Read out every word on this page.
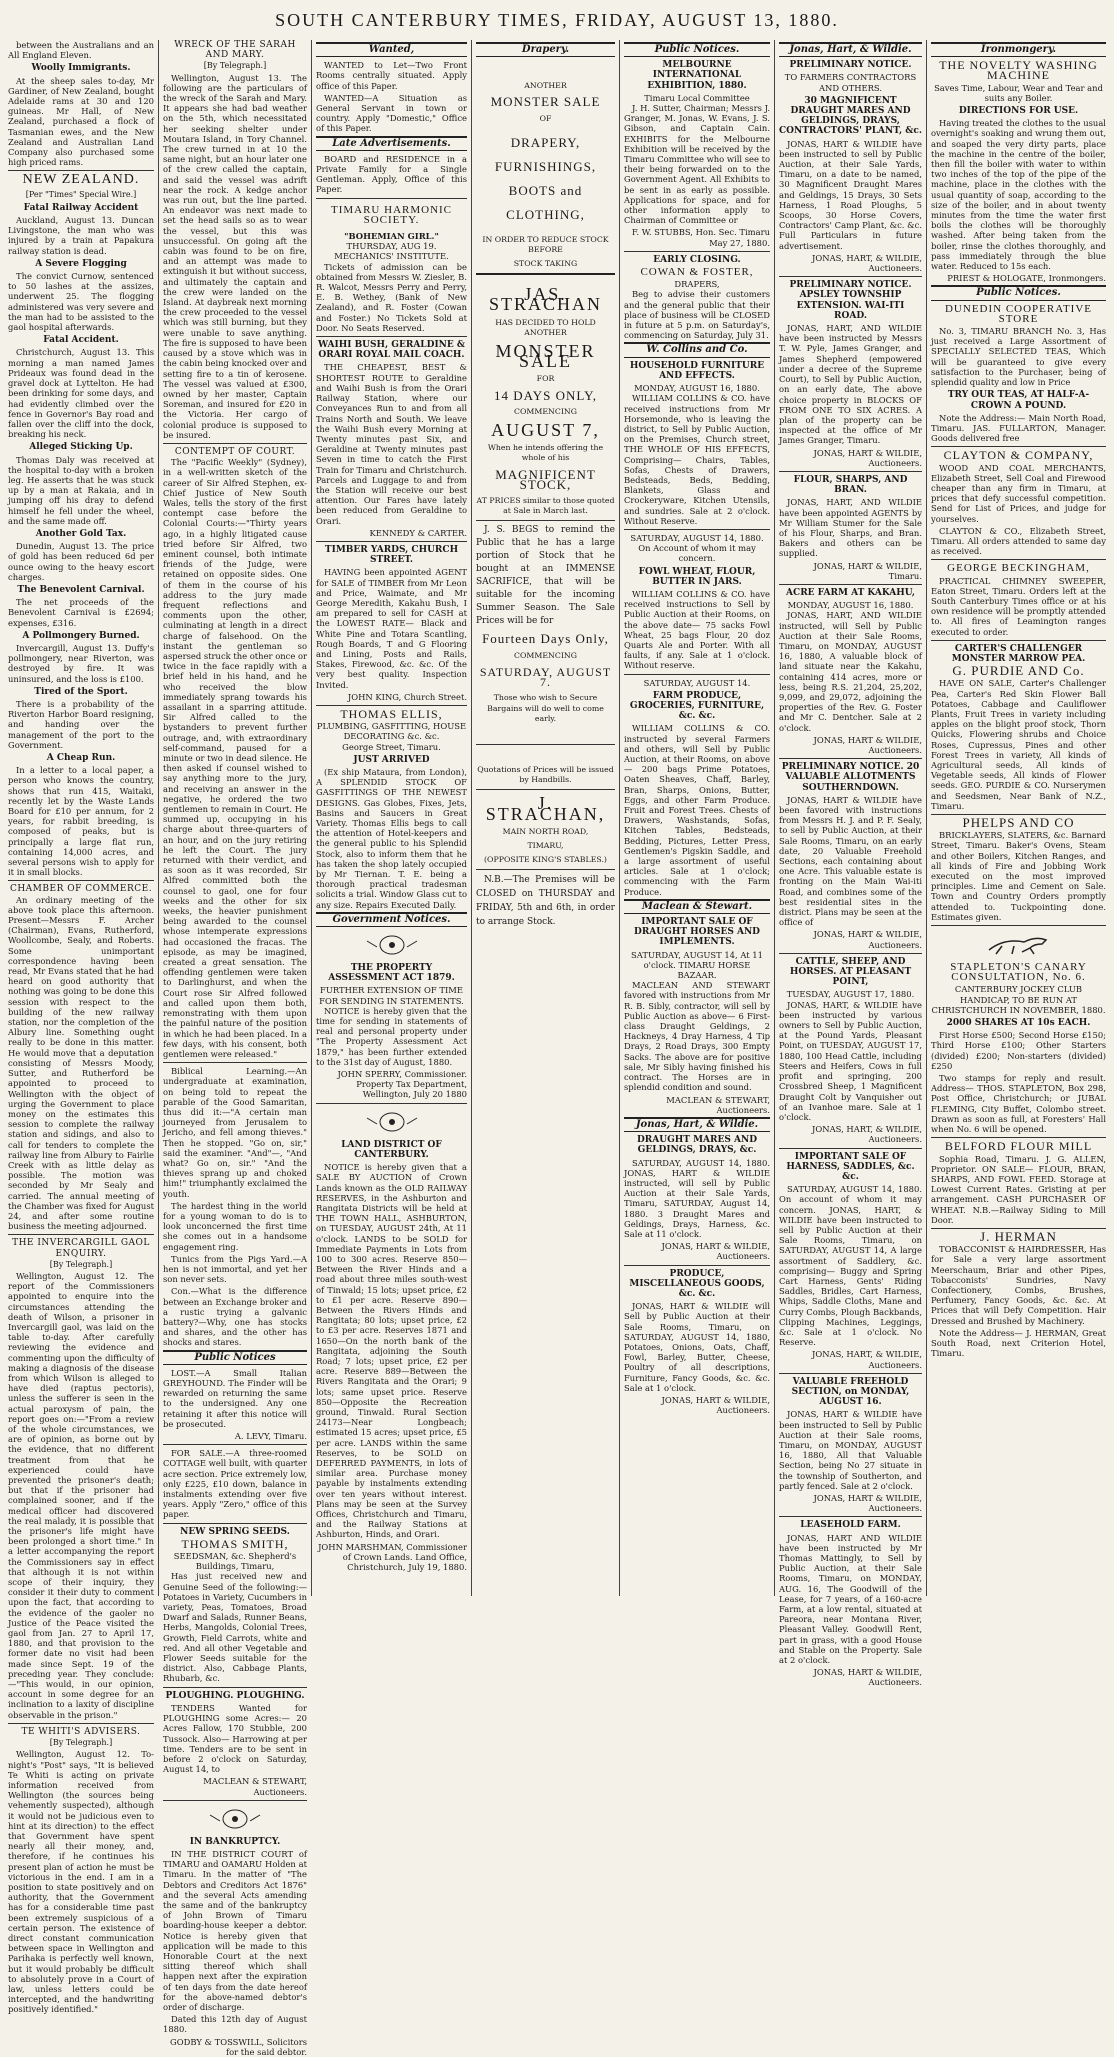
SOUTH CANTERBURY TIMES, FRIDAY, AUGUST 13, 1880.
between the Australians and an All England Eleven.
Woolly Immigrants.
At the sheep sales to-day, Mr Gardiner, of New Zealand, bought Adelaide rams at 30 and 120 guineas. Mr Hall, of New Zealand, purchased a flock of Tasmanian ewes, and the New Zealand and Australian Land Company also purchased some high priced rams.
NEW ZEALAND.
[Per "Times" Special Wire.]
Fatal Railway Accident
Auckland, August 13. Duncan Livingstone, the man who was injured by a train at Papakura railway station is dead.
A Severe Flogging
The convict Curnow, sentenced to 50 lashes at the assizes, underwent 25. The flogging administered was very severe and the man had to be assisted to the gaol hospital afterwards.
Fatal Accident.
Christchurch, August 13. This morning a man named James Prideaux was found dead in the gravel dock at Lyttelton. He had been drinking for some days, and had evidently climbed over the fence in Governor's Bay road and fallen over the cliff into the dock, breaking his neck.
Alleged Sticking Up.
Thomas Daly was received at the hospital to-day with a broken leg. He asserts that he was stuck up by a man at Rakaia, and in jumping off his dray to defend himself he fell under the wheel, and the same made off.
Another Gold Tax.
Dunedin, August 13. The price of gold has been reduced 6d per ounce owing to the heavy escort charges.
The Benevolent Carnival.
The net proceeds of the Benevolent Carnival is £2694; expenses, £316.
A Pollmongery Burned.
Invercargill, August 13. Duffy's pollmongery, near Riverton, was destroyed by fire. It was uninsured, and the loss is £100.
Tired of the Sport.
There is a probability of the Riverton Harbor Board resigning, and handing over the management of the port to the Government.
A Cheap Run.
In a letter to a local paper, a person who knows the country, shows that run 415, Waitaki, recently let by the Waste Lands Board for £10 per annum, for 2 years, for rabbit breeding, is composed of peaks, but is principally a large flat run, containing 14,000 acres, and several persons wish to apply for it in small blocks.
CHAMBER OF COMMERCE.
An ordinary meeting of the above took place this afternoon. Present—Messrs F. Archer (Chairman), Evans, Rutherford, Woollcombe, Sealy, and Roberts. Some unimportant correspondence having been read, Mr Evans stated that he had heard on good authority that nothing was going to be done this session with respect to the building of the new railway station, nor the completion of the Albury line. Something ought really to be done in this matter. He would move that a deputation consisting of Messrs Moody, Sutter, and Rutherford be appointed to proceed to Wellington with the object of urging the Government to place money on the estimates this session to complete the railway station and sidings, and also to call for tenders to complete the railway line from Albury to Fairlie Creek with as little delay as possible. The motion was seconded by Mr Sealy and carried. The annual meeting of the Chamber was fixed for August 24, and after some routine business the meeting adjourned.
THE INVERCARGILL GAOL ENQUIRY.
[By Telegraph.]
Wellington, August 12. The report of the Commissioners appointed to enquire into the circumstances attending the death of Wilson, a prisoner in Invercargill gaol, was laid on the table to-day. After carefully reviewing the evidence and commenting upon the difficulty of making a diagnosis of the disease from which Wilson is alleged to have died (raptus pectoris), unless the sufferer is seen in the actual paroxysm of pain, the report goes on:—"From a review of the whole circumstances, we are of opinion, as borne out by the evidence, that no different treatment from that he experienced could have prevented the prisoner's death; but that if the prisoner had complained sooner, and if the medical officer had discovered the real malady, it is possible that the prisoner's life might have been prolonged a short time." In a letter accompanying the report the Commissioners say in effect that although it is not within scope of their inquiry, they consider it their duty to comment upon the fact, that according to the evidence of the gaoler no Justice of the Peace visited the gaol from Jan. 27 to April 17, 1880, and that provision to the former date no visit had been made since Sept. 19 of the preceding year. They conclude:—"This would, in our opinion, account in some degree for an inclination to a laxity of discipline observable in the prison."
TE WHITI'S ADVISERS.
[By Telegraph.]
Wellington, August 12. To-night's "Post" says, "It is believed Te Whiti is acting on private information received from Wellington (the sources being vehemently suspected), although it would not be judicious even to hint at its direction) to the effect that Government have spent nearly all their money, and, therefore, if he continues his present plan of action he must be victorious in the end. I am in a position to state positively and on authority, that the Government has for a considerable time past been extremely suspicious of a certain person. The existence of direct constant communication between space in Wellington and Parihaka is perfectly well known, but it would probably be difficult to absolutely prove in a Court of law, unless letters could be intercepted, and the handwriting positively identified."
WRECK OF THE SARAH AND MARY.
[By Telegraph.]
Wellington, August 13. The following are the particulars of the wreck of the Sarah and Mary. It appears she had bad weather on the 5th, which necessitated her seeking shelter under Moutara Island, in Tory Channel. The crew turned in at 10 the same night, but an hour later one of the crew called the captain, and said the vessel was adrift near the rock. A kedge anchor was run out, but the line parted. An endeavor was next made to set the head sails so as to wear the vessel, but this was unsuccessful. On going aft the cabin was found to be on fire, and an attempt was made to extinguish it but without success, and ultimately the captain and the crew were landed on the Island. At daybreak next morning the crew proceeded to the vessel which was still burning, but they were unable to save anything. The fire is supposed to have been caused by a stove which was in the cabin being knocked over and setting fire to a tin of kerosene. The vessel was valued at £300, owned by her master, Captain Soreman, and insured for £20 in the Victoria. Her cargo of colonial produce is supposed to be insured.
CONTEMPT OF COURT.
The "Pacific Weekly" (Sydney), in a well-written sketch of the career of Sir Alfred Stephen, ex-Chief Justice of New South Wales, tells the story of the first contempt case before the Colonial Courts:—"Thirty years ago, in a highly litigated cause tried before Sir Alfred, two eminent counsel, both intimate friends of the Judge, were retained on opposite sides. One of them in the course of his address to the jury made frequent reflections and comments upon the other, culminating at length in a direct charge of falsehood. On the instant the gentleman so aspersed struck the other once or twice in the face rapidly with a brief held in his hand, and he who received the blow immediately sprang towards his assailant in a sparring attitude. Sir Alfred called to the bystanders to prevent further outrage, and, with extraordinary self-command, paused for a minute or two in dead silence. He then asked if counsel wished to say anything more to the jury, and receiving an answer in the negative, he ordered the two gentlemen to remain in Court. He summed up, occupying in his charge about three-quarters of an hour, and on the jury retiring he left the Court. The jury returned with their verdict, and as soon as it was recorded, Sir Alfred committed both the counsel to gaol, one for four weeks and the other for six weeks, the heavier punishment being awarded to the counsel whose intemperate expressions had occasioned the fracas. The episode, as may be imagined, created a great sensation. The offending gentlemen were taken to Darlinghurst, and when the Court rose Sir Alfred followed and called upon them both, remonstrating with them upon the painful nature of the position in which he had been placed. In a few days, with his consent, both gentlemen were released."
Biblical Learning.—An undergraduate at examination, on being told to repeat the parable of the Good Samaritan, thus did it:—"A certain man journeyed from Jerusalem to Jericho, and fell among thieves." Then he stopped. "Go on, sir," said the examiner. "And"—, "And what? Go on, sir." "And the thieves sprang up and choked him!" triumphantly exclaimed the youth.
The hardest thing in the world for a young woman to do is to look unconcerned the first time she comes out in a handsome engagement ring.
Tunics from the Pigs Yard.—A hen is not immortal, and yet her son never sets.
Con.—What is the difference between an Exchange broker and a rustic trying a galvanic battery?—Why, one has stocks and shares, and the other has shocks and stares.
Public Notices
LOST.—A Small Italian GREYHOUND. The Finder will be rewarded on returning the same to the undersigned. Any one retaining it after this notice will be prosecuted.
A. LEVY, Timaru.
FOR SALE.—A three-roomed COTTAGE well built, with quarter acre section. Price extremely low, only £225, £10 down, balance in instalments extending over five years. Apply "Zero," office of this paper.
NEW SPRING SEEDS.
THOMAS SMITH,
SEEDSMAN, &c. Shepherd's Buildings, Timaru,
Has just received new and Genuine Seed of the following:— Potatoes in Variety, Cucumbers in variety, Peas, Tomatoes, Broad Dwarf and Salads, Runner Beans, Herbs, Mangolds, Colonial Trees, Growth, Field Carrots, white and red. And all other Vegetable and Flower Seeds suitable for the district. Also, Cabbage Plants, Rhubarb, &c.
PLOUGHING. PLOUGHING.
TENDERS Wanted for PLOUGHING some Acres:— 20 Acres Fallow, 170 Stubble, 200 Tussock. Also— Harrowing at per time. Tenders are to be sent in before 2 o'clock on Saturday, August 14, to
MACLEAN & STEWART, Auctioneers.
IN BANKRUPTCY.
IN THE DISTRICT COURT of TIMARU and OAMARU Holden at Timaru. In the matter of "The Debtors and Creditors Act 1876" and the several Acts amending the same and of the bankruptcy of John Brown of Timaru boarding-house keeper a debtor. Notice is hereby given that application will be made to this Honorable Court at the next sitting thereof which shall happen next after the expiration of ten days from the date hereof for the above-named debtor's order of discharge.
Dated this 12th day of August 1880.
GODBY & TOSSWILL, Solicitors for the said debtor.
Wanted,
WANTED to Let—Two Front Rooms centrally situated. Apply office of this Paper.
WANTED—A Situation as General Servant in town or country. Apply "Domestic," Office of this Paper.
Late Advertisements.
BOARD and RESIDENCE in a Private Family for a Single Gentleman. Apply, Office of this Paper.
TIMARU HARMONIC SOCIETY.
"BOHEMIAN GIRL."
THURSDAY, AUG 19.
MECHANICS' INSTITUTE.
Tickets of admission can be obtained from Messrs W. Ziesler, B. R. Walcot, Messrs Perry and Perry, E. B. Wethey, (Bank of New Zealand), and R. Foster (Cowan and Foster.) No Tickets Sold at Door. No Seats Reserved.
WAIHI BUSH, GERALDINE & ORARI ROYAL MAIL COACH.
THE CHEAPEST, BEST & SHORTEST ROUTE to Geraldine and Waihi Bush is from the Orari Railway Station, where our Conveyances Run to and from all Trains North and South. We leave the Waihi Bush every Morning at Twenty minutes past Six, and Geraldine at Twenty minutes past Seven in time to catch the First Train for Timaru and Christchurch. Parcels and Luggage to and from the Station will receive our best attention. Our Fares have lately been reduced from Geraldine to Orari.
KENNEDY & CARTER.
TIMBER YARDS, CHURCH STREET.
HAVING been appointed AGENT for SALE of TIMBER from Mr Leon and Price, Waimate, and Mr George Meredith, Kakahu Bush, I am prepared to sell for CASH at the LOWEST RATE— Black and White Pine and Totara Scantling, Rough Boards, T and G Flooring and Lining, Posts and Rails, Stakes, Firewood, &c. &c. Of the very best quality. Inspection Invited.
JOHN KING, Church Street.
THOMAS ELLIS,
PLUMBING, GASFITTING, HOUSE DECORATING &c. &c.
George Street, Timaru.
JUST ARRIVED
(Ex ship Mataura, from London), A SPLENDID STOCK OF GASFITTINGS OF THE NEWEST DESIGNS. Gas Globes, Fixes, Jets, Basins and Saucers in Great Variety. Thomas Ellis begs to call the attention of Hotel-keepers and the general public to his Splendid Stock, also to inform them that he has taken the shop lately occupied by Mr Tiernan. T. E. being a thorough practical tradesman solicits a trial. Window Glass cut to any size. Repairs Executed Daily.
Government Notices.
THE PROPERTY ASSESSMENT ACT 1879.
FURTHER EXTENSION OF TIME FOR SENDING IN STATEMENTS.
NOTICE is hereby given that the time for sending in statements of real and personal property under "The Property Assessment Act 1879," has been further extended to the 31st day of August, 1880.
JOHN SPERRY, Commissioner. Property Tax Department, Wellington, July 20 1880
LAND DISTRICT OF CANTERBURY.
NOTICE is hereby given that a SALE BY AUCTION of Crown Lands known as the OLD RAILWAY RESERVES, in the Ashburton and Rangitata Districts will be held at THE TOWN HALL, ASHBURTON, on TUESDAY, AUGUST 24th, At 11 o'clock. LANDS to be SOLD for Immediate Payments in Lots from 100 to 300 acres. Reserve 850—Between the River Hinds and a road about three miles south-west of Tinwald; 15 lots; upset price, £2 to £1 per acre. Reserve 890—Between the Rivers Hinds and Rangitata; 80 lots; upset price, £2 to £3 per acre. Reserves 1871 and 1650—On the north bank of the Rangitata, adjoining the South Road; 7 lots; upset price, £2 per acre. Reserve 889—Between the Rivers Rangitata and the Orari; 9 lots; same upset price. Reserve 850—Opposite the Recreation ground, Tinwald. Rural Section 24173—Near Longbeach; estimated 15 acres; upset price, £5 per acre. LANDS within the same Reserves, to be SOLD on DEFERRED PAYMENTS, in lots of similar area. Purchase money payable by instalments extending over ten years without interest. Plans may be seen at the Survey Offices, Christchurch and Timaru, and the Railway Stations at Ashburton, Hinds, and Orari.
JOHN MARSHMAN, Commissioner of Crown Lands. Land Office, Christchurch, July 19, 1880.
Drapery.
ANOTHER
MONSTER SALE
OF
DRAPERY,
FURNISHINGS,
BOOTS and
CLOTHING,
IN ORDER TO REDUCE STOCK BEFORE
STOCK TAKING
JAS. STRACHAN
HAS DECIDED TO HOLD ANOTHER
MONSTER SALE
FOR
14 DAYS ONLY,
COMMENCING
AUGUST 7,
When he intends offering the whole of his
MAGNIFICENT STOCK,
AT PRICES similar to those quoted at Sale in March last.
J. S. BEGS to remind the Public that he has a large portion of Stock that he bought at an IMMENSE SACRIFICE, that will be suitable for the incoming Summer Season. The Sale Prices will be for
Fourteen Days Only,
COMMENCING
SATURDAY, AUGUST 7.
Those who wish to Secure Bargains will do well to come early.
Quotations of Prices will be issued by Handbills.
J. STRACHAN,
MAIN NORTH ROAD,
TIMARU,
(OPPOSITE KING'S STABLES.)
N.B.—The Premises will be CLOSED on THURSDAY and FRIDAY, 5th and 6th, in order to arrange Stock.
Public Notices.
MELBOURNE INTERNATIONAL EXHIBITION, 1880.
Timaru Local Committee
J. H. Sutter, Chairman; Messrs J. Granger, M. Jonas, W. Evans, J. S. Gibson, and Captain Cain. EXHIBITS for the Melbourne Exhibition will be received by the Timaru Committee who will see to their being forwarded on to the Government Agent. All Exhibits to be sent in as early as possible. Applications for space, and for other information apply to Chairman of Committee or
F. W. STUBBS, Hon. Sec. Timaru May 27, 1880.
EARLY CLOSING.
COWAN & FOSTER,
DRAPERS,
Beg to advise their customers and the general public that their place of business will be CLOSED in future at 5 p.m. on Saturday's, commencing on Saturday, July 31.
W. Collins and Co.
HOUSEHOLD FURNITURE AND EFFECTS.
MONDAY, AUGUST 16, 1880.
WILLIAM COLLINS & CO. have received instructions from Mr Horsemonde, who is leaving the district, to Sell by Public Auction, on the Premises, Church street, THE WHOLE OF HIS EFFECTS, Comprising— Chairs, Tables, Sofas, Chests of Drawers, Bedsteads, Beds, Bedding, Blankets, Glass and Crockeryware, Kitchen Utensils, and sundries. Sale at 2 o'clock. Without Reserve.
SATURDAY, AUGUST 14, 1880.
On Account of whom it may concern.
FOWL WHEAT, FLOUR, BUTTER IN JARS.
WILLIAM COLLINS & CO. have received instructions to Sell by Public Auction at their Rooms, on the above date— 75 sacks Fowl Wheat, 25 bags Flour, 20 doz Quarts Ale and Porter. With all faults, if any. Sale at 1 o'clock. Without reserve.
SATURDAY, AUGUST 14.
FARM PRODUCE, GROCERIES, FURNITURE, &c. &c.
WILLIAM COLLINS & CO. instructed by several Farmers and others, will Sell by Public Auction, at their Rooms, on above— 200 bags Prime Potatoes, Oaten Sheaves, Chaff, Barley, Bran, Sharps, Onions, Butter, Eggs, and other Farm Produce. Fruit and Forest Trees. Chests of Drawers, Washstands, Sofas, Kitchen Tables, Bedsteads, Bedding, Pictures, Letter Press, Gentlemen's Pigskin Saddle, and a large assortment of useful articles. Sale at 1 o'clock; commencing with the Farm Produce.
Maclean & Stewart.
IMPORTANT SALE OF DRAUGHT HORSES AND IMPLEMENTS.
SATURDAY, AUGUST 14, At 11 o'clock. TIMARU HORSE BAZAAR.
MACLEAN AND STEWART favored with instructions from Mr R. B. Sibly, contractor, will sell by Public Auction as above— 6 First-class Draught Geldings, 2 Hackneys, 4 Dray Harness, 4 Tip Drays, 2 Road Drays, 300 Empty Sacks. The above are for positive sale, Mr Sibly having finished his contract. The Horses are in splendid condition and sound.
MACLEAN & STEWART, Auctioneers.
Jonas, Hart, & Wildie.
DRAUGHT MARES AND GELDINGS, DRAYS, &c.
SATURDAY, AUGUST 14, 1880. JONAS, HART & WILDIE instructed, will sell by Public Auction at their Sale Yards, Timaru, SATURDAY, August 14, 1880. 3 Draught Mares and Geldings, Drays, Harness, &c. Sale at 11 o'clock.
JONAS, HART & WILDIE, Auctioneers.
PRODUCE, MISCELLANEOUS GOODS, &c. &c.
JONAS, HART & WILDIE will Sell by Public Auction at their Sale Rooms, Timaru, on SATURDAY, AUGUST 14, 1880, Potatoes, Onions, Oats, Chaff, Fowl, Barley, Butter, Cheese, Poultry of all descriptions, Furniture, Fancy Goods, &c. &c. Sale at 1 o'clock.
JONAS, HART & WILDIE, Auctioneers.
Jonas, Hart, & Wildie.
PRELIMINARY NOTICE.
TO FARMERS CONTRACTORS AND OTHERS.
30 MAGNIFICENT DRAUGHT MARES AND GELDINGS, DRAYS, CONTRACTORS' PLANT, &c.
JONAS, HART & WILDIE have been instructed to sell by Public Auction, at their Sale Yards, Timaru, on a date to be named, 30 Magnificent Draught Mares and Geldings, 15 Drays, 30 Sets Harness, 1 Road Ploughs, 5 Scoops, 30 Horse Covers, Contractors' Camp Plant, &c. &c. Full Particulars in future advertisement.
JONAS, HART, & WILDIE, Auctioneers.
PRELIMINARY NOTICE. APSLEY TOWNSHIP EXTENSION. WAI-ITI ROAD.
JONAS, HART, AND WILDIE have been instructed by Messrs T. W. Pyle, James Granger, and James Shepherd (empowered under a decree of the Supreme Court), to Sell by Public Auction, on an early date, The above choice property in BLOCKS OF FROM ONE TO SIX ACRES. A plan of the property can be inspected at the office of Mr James Granger, Timaru.
JONAS, HART & WILDIE, Auctioneers.
FLOUR, SHARPS, AND BRAN.
JONAS, HART, AND WILDIE have been appointed AGENTS by Mr William Stumer for the Sale of his Flour, Sharps, and Bran. Bakers and others can be supplied.
JONAS, HART & WILDIE, Timaru.
ACRE FARM AT KAKAHU,
MONDAY, AUGUST 16, 1880.
JONAS, HART, AND WILDIE instructed, will Sell by Public Auction at their Sale Rooms, Timaru, on MONDAY, AUGUST 16, 1880, A valuable block of land situate near the Kakahu, containing 414 acres, more or less, being R.S. 21,204, 25,202, 9,099, and 29,072, adjoining the properties of the Rev. G. Foster and Mr C. Dentcher. Sale at 2 o'clock.
JONAS, HART & WILDIE, Auctioneers.
PRELIMINARY NOTICE. 20 VALUABLE ALLOTMENTS SOUTHERNDOWN.
JONAS, HART & WILDIE have been favored with instructions from Messrs H. J. and P. F. Sealy, to sell by Public Auction, at their Sale Rooms, Timaru, on an early date, 20 Valuable Freehold Sections, each containing about one Acre. This valuable estate is fronting on the Main Wai-iti Road, and combines some of the best residential sites in the district. Plans may be seen at the office of
JONAS, HART & WILDIE, Auctioneers.
CATTLE, SHEEP, AND HORSES. AT PLEASANT POINT,
TUESDAY, AUGUST 17, 1880.
JONAS, HART, & WILDIE have been instructed by various owners to Sell by Public Auction, at the Pound Yards, Pleasant Point, on TUESDAY, AUGUST 17, 1880, 100 Head Cattle, including Steers and Heifers, Cows in full profit and springing, 200 Crossbred Sheep, 1 Magnificent Draught Colt by Vanquisher out of an Ivanhoe mare. Sale at 1 o'clock.
JONAS, HART, & WILDIE, Auctioneers.
IMPORTANT SALE OF HARNESS, SADDLES, &c. &c.
SATURDAY, AUGUST 14, 1880. On account of whom it may concern. JONAS, HART, & WILDIE have been instructed to sell by Public Auction at their Sale Rooms, Timaru, on SATURDAY, AUGUST 14, A large assortment of Saddlery, &c. comprising— Buggy and Spring Cart Harness, Gents' Riding Saddles, Bridles, Cart Harness, Whips, Saddle Cloths, Mane and Curry Combs, Plough Backbands, Clipping Machines, Leggings, &c. Sale at 1 o'clock. No Reserve.
JONAS, HART, & WILDIE, Auctioneers.
VALUABLE FREEHOLD SECTION, on MONDAY, AUGUST 16.
JONAS, HART & WILDIE have been instructed to Sell by Public Auction at their Sale rooms, Timaru, on MONDAY, AUGUST 16, 1880, All that Valuable Section, being No 27 situate in the township of Southerton, and partly fenced. Sale at 2 o'clock.
JONAS, HART & WILDIE, Auctioneers.
LEASEHOLD FARM.
JONAS, HART AND WILDIE have been instructed by Mr Thomas Mattingly, to Sell by Public Auction, at their Sale Rooms, Timaru, on MONDAY, AUG. 16, The Goodwill of the Lease, for 7 years, of a 160-acre Farm, at a low rental, situated at Pareora, near Montana River, Pleasant Valley. Goodwill Rent, part in grass, with a good House and Stable on the Property. Sale at 2 o'clock.
JONAS, HART & WILDIE, Auctioneers.
Ironmongery.
THE NOVELTY WASHING MACHINE
Saves Time, Labour, Wear and Tear and suits any Boiler.
DIRECTIONS FOR USE.
Having treated the clothes to the usual overnight's soaking and wrung them out, and soaped the very dirty parts, place the machine in the centre of the boiler, then fill the boiler with water to within two inches of the top of the pipe of the machine, place in the clothes with the usual quantity of soap, according to the size of the boiler, and in about twenty minutes from the time the water first boils the clothes will be thoroughly washed. After being taken from the boiler, rinse the clothes thoroughly, and pass immediately through the blue water. Reduced to 15s each.
PRIEST & HOLOGATE, Ironmongers.
Public Notices.
DUNEDIN COOPERATIVE STORE
No. 3, TIMARU BRANCH No. 3, Has just received a Large Assortment of SPECIALLY SELECTED TEAS, Which will be guaranteed to give every satisfaction to the Purchaser, being of splendid quality and low in Price
TRY OUR TEAS, AT HALF-A-CROWN A POUND.
Note the Address:— Main North Road, Timaru. JAS. FULLARTON, Manager. Goods delivered free
CLAYTON & COMPANY,
WOOD AND COAL MERCHANTS, Elizabeth Street, Sell Coal and Firewood cheaper than any firm in Timaru, at prices that defy successful competition. Send for List of Prices, and judge for yourselves.
CLAYTON & CO., Elizabeth Street, Timaru. All orders attended to same day as received.
GEORGE BECKINGHAM,
PRACTICAL CHIMNEY SWEEPER, Eaton Street, Timaru. Orders left at the South Canterbury Times office or at his own residence will be promptly attended to. All fires of Leamington ranges executed to order.
CARTER'S CHALLENGER MONSTER MARROW PEA.
G. PURDIE AND Co.
HAVE ON SALE, Carter's Challenger Pea, Carter's Red Skin Flower Ball Potatoes, Cabbage and Cauliflower Plants, Fruit Trees in variety including apples on the blight proof stock, Thorn Quicks, Flowering shrubs and Choice Roses, Cupressus, Pines and other Forest Trees in variety, All kinds of Agricultural seeds, All kinds of Vegetable seeds, All kinds of Flower seeds. GEO. PURDIE & CO. Nurserymen and Seedsmen, Near Bank of N.Z., Timaru.
PHELPS AND CO
BRICKLAYERS, SLATERS, &c. Barnard Street, Timaru. Baker's Ovens, Steam and other Boilers, Kitchen Ranges, and all kinds of Fire and Jobbing Work executed on the most improved principles. Lime and Cement on Sale. Town and Country Orders promptly attended to. Tuckpointing done. Estimates given.
STAPLETON'S CANARY CONSULTATION, No. 6.
CANTERBURY JOCKEY CLUB HANDICAP, TO BE RUN AT CHRISTCHURCH IN NOVEMBER, 1880.
2000 SHARES AT 10s EACH.
First Horse £500; Second Horse £150; Third Horse £100; Other Starters (divided) £200; Non-starters (divided) £250
Two stamps for reply and result. Address— THOS. STAPLETON, Box 298, Post Office, Christchurch; or JUBAL FLEMING, City Buffet, Colombo street. Drawn as soon as full, at Foresters' Hall when No. 6 will be opened.
BELFORD FLOUR MILL
Sophia Road, Timaru. J. G. ALLEN, Proprietor. ON SALE— FLOUR, BRAN, SHARPS, AND FOWL FEED. Storage at Lowest Current Rates. Gristing at per arrangement. CASH PURCHASER OF WHEAT. N.B.—Railway Siding to Mill Door.
J. HERMAN
TOBACCONIST & HAIRDRESSER, Has for Sale a very large assortment Meerschaum, Briar and other Pipes, Tobacconists' Sundries, Navy Confectionery, Combs, Brushes, Perfumery, Fancy Goods, &c. &c. At Prices that will Defy Competition. Hair Dressed and Brushed by Machinery.
Note the Address— J. HERMAN, Great South Road, next Criterion Hotel, Timaru.
